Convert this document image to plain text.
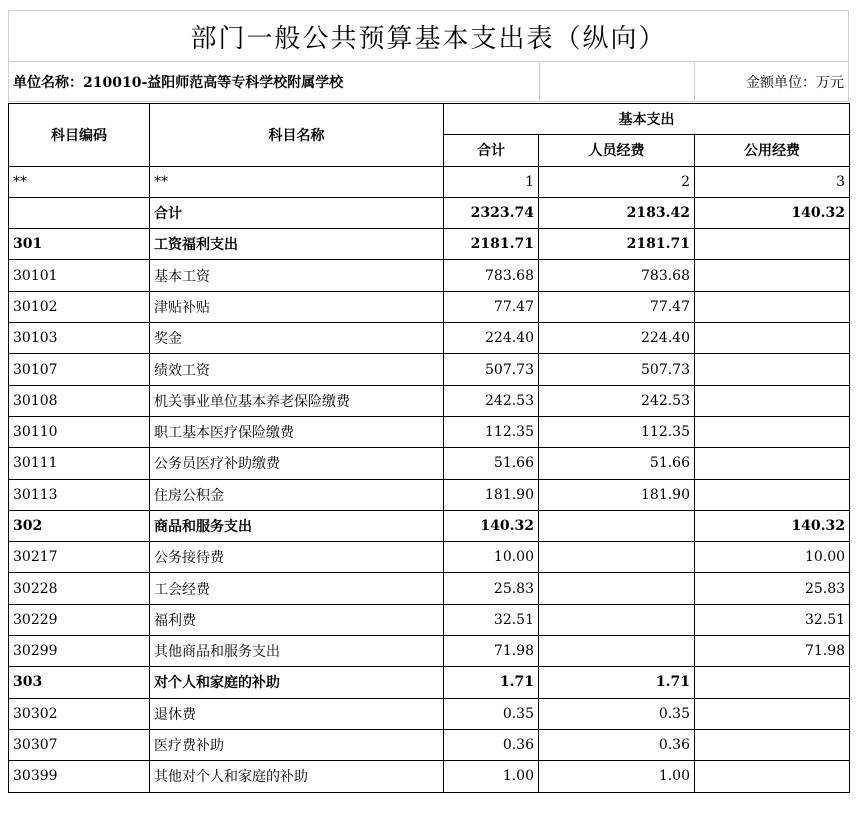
部门一般公共预算基本支出表（纵向）
单位名称：210010-益阳师范高等专科学校附属学校	金额单位：万元
科目编码	科目名称	基本支出		
		合计	人员经费	公用经费
**	**	1	2	3
	合计	2323.74	2183.42	140.32
301	工资福利支出	2181.71	2181.71	
30101	基本工资	783.68	783.68	
30102	津贴补贴	77.47	77.47	
30103	奖金	224.40	224.40	
30107	绩效工资	507.73	507.73	
30108	机关事业单位基本养老保险缴费	242.53	242.53	
30110	职工基本医疗保险缴费	112.35	112.35	
30111	公务员医疗补助缴费	51.66	51.66	
30113	住房公积金	181.90	181.90	
302	商品和服务支出	140.32		140.32
30217	公务接待费	10.00		10.00
30228	工会经费	25.83		25.83
30229	福利费	32.51		32.51
30299	其他商品和服务支出	71.98		71.98
303	对个人和家庭的补助	1.71	1.71	
30302	退休费	0.35	0.35	
30307	医疗费补助	0.36	0.36	
30399	其他对个人和家庭的补助	1.00	1.00	
